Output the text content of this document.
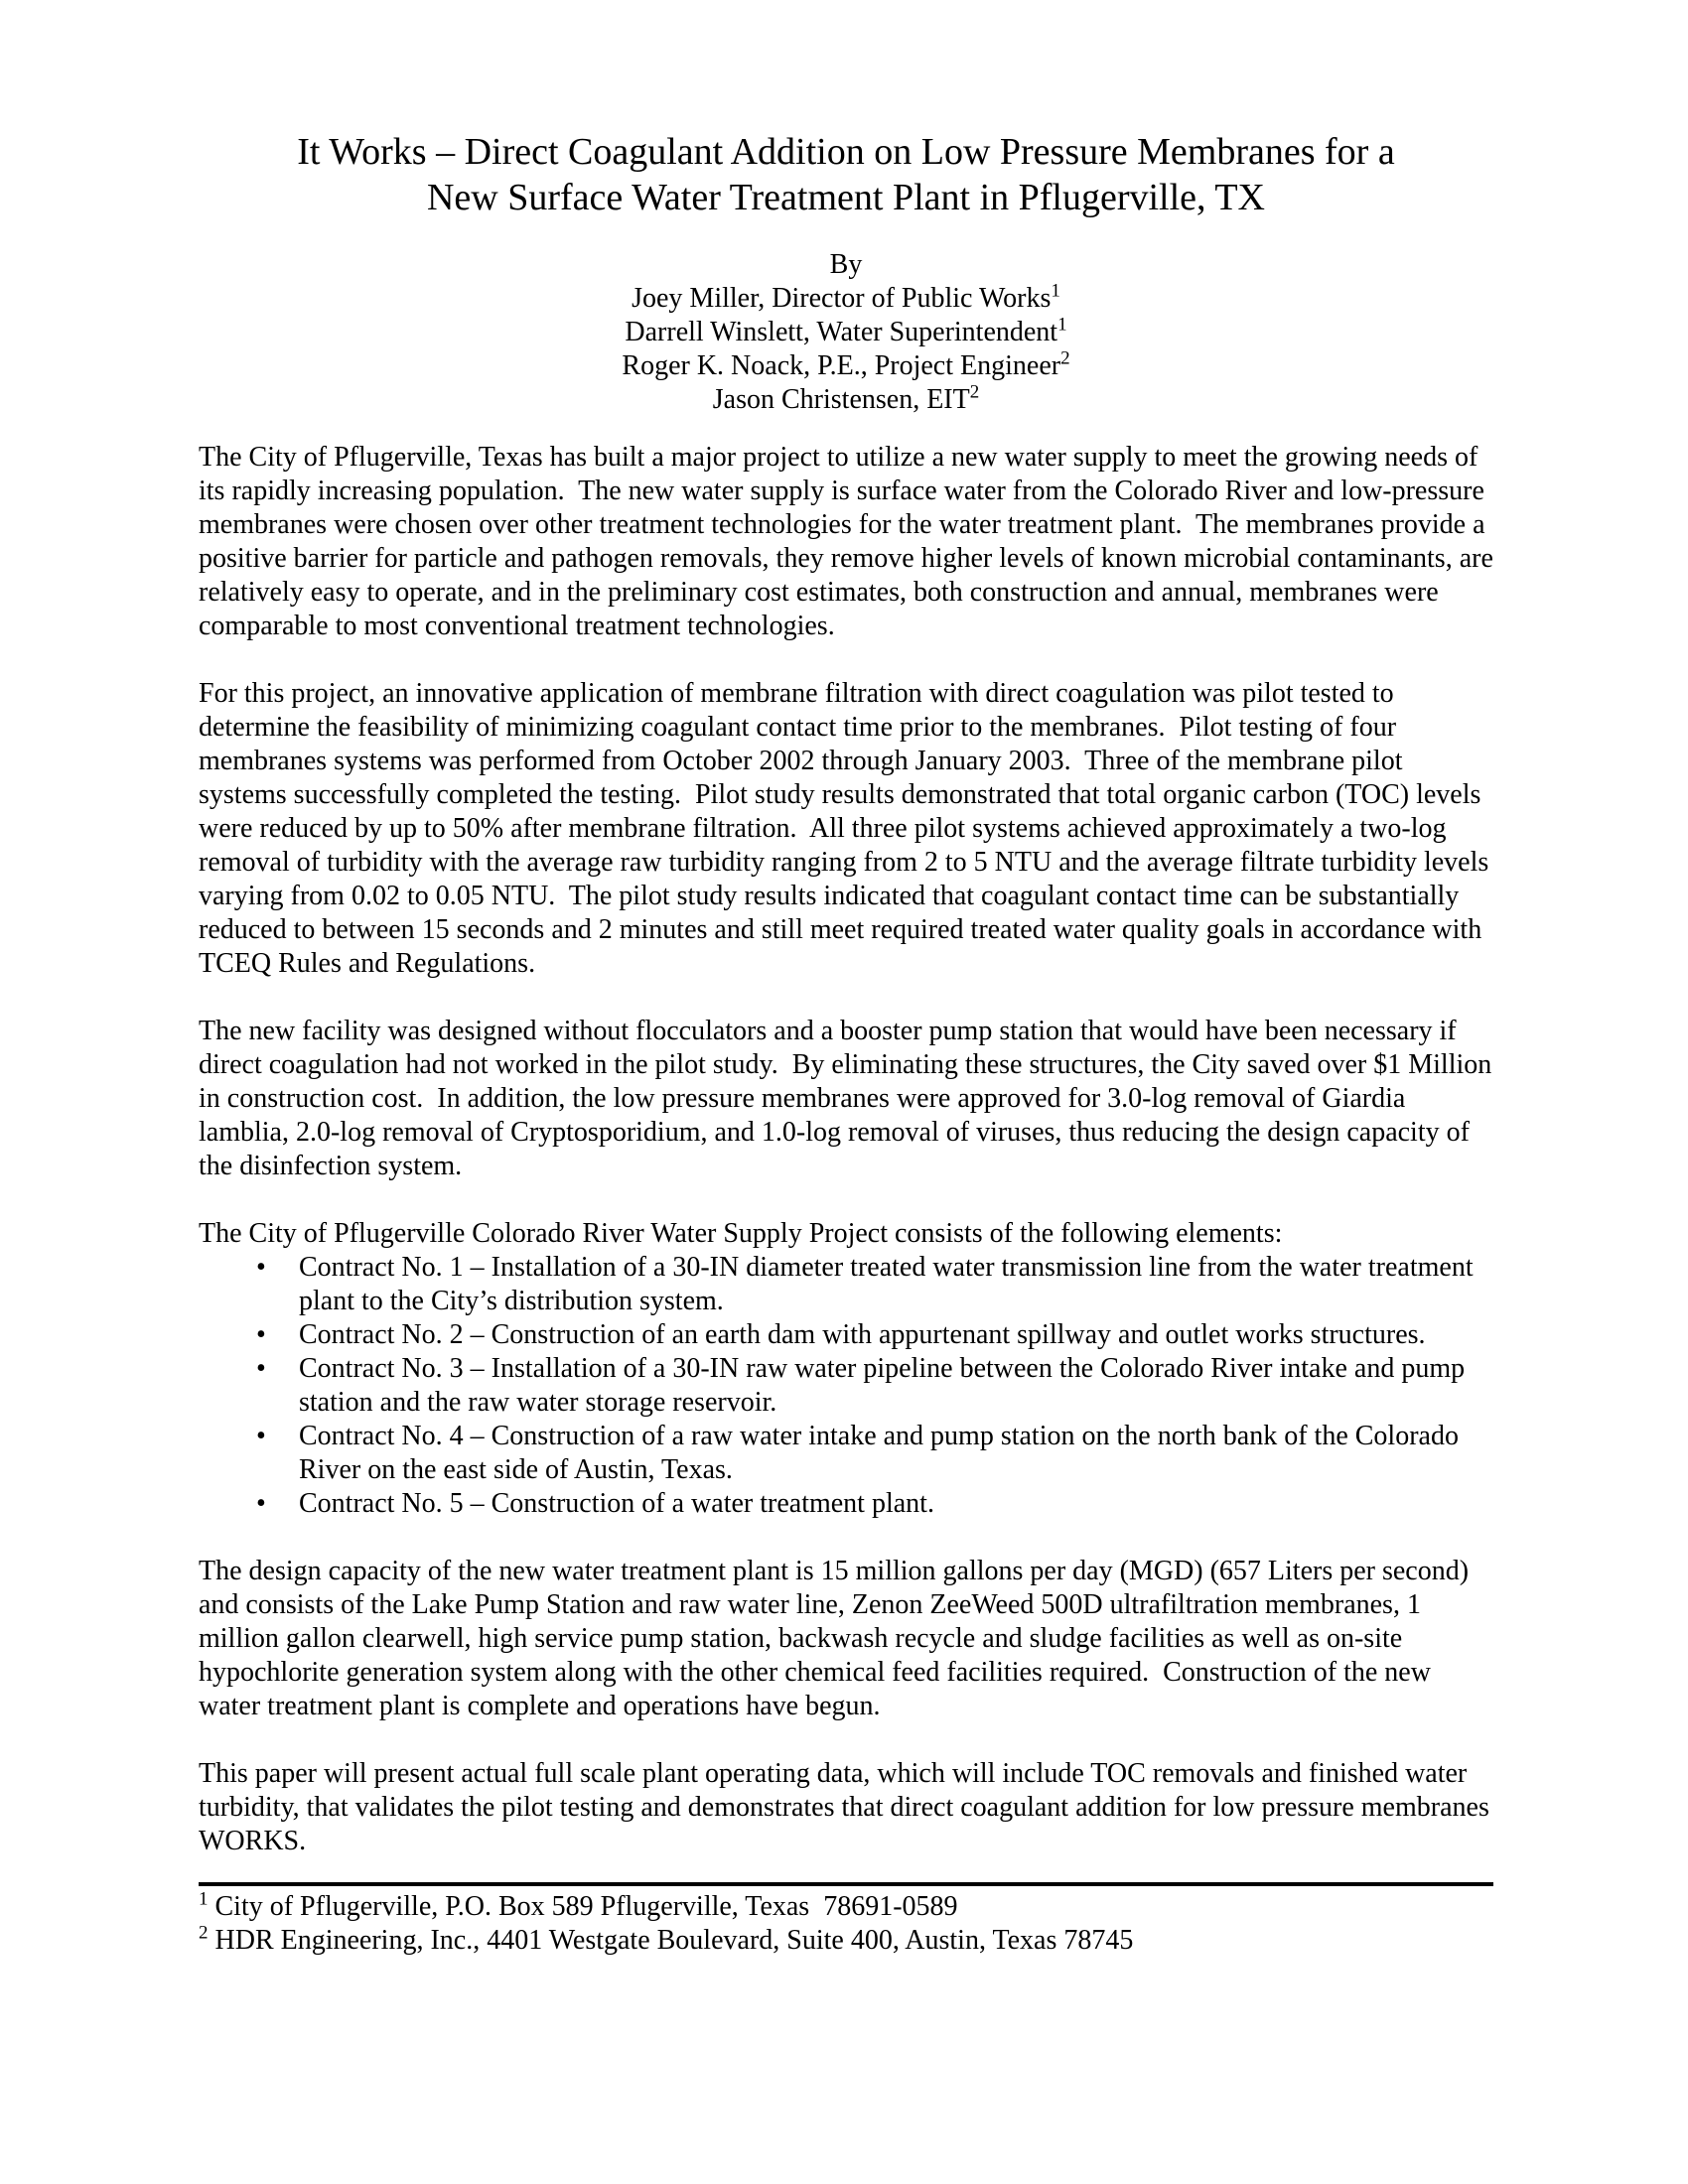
It Works – Direct Coagulant Addition on Low Pressure Membranes for a
New Surface Water Treatment Plant in Pflugerville, TX
By
Joey Miller, Director of Public Works$^1$
Darrell Winslett, Water Superintendent$^1$
Roger K. Noack, P.E., Project Engineer$^2$
Jason Christensen, EIT$^2$

The City of Pflugerville, Texas has built a major project to utilize a new water supply to meet the growing needs of its rapidly increasing population.  The new water supply is surface water from the Colorado River and low-pressure membranes were chosen over other treatment technologies for the water treatment plant.  The membranes provide a positive barrier for particle and pathogen removals, they remove higher levels of known microbial contaminants, are relatively easy to operate, and in the preliminary cost estimates, both construction and annual, membranes were comparable to most conventional treatment technologies.

For this project, an innovative application of membrane filtration with direct coagulation was pilot tested to determine the feasibility of minimizing coagulant contact time prior to the membranes.  Pilot testing of four membranes systems was performed from October 2002 through January 2003.  Three of the membrane pilot systems successfully completed the testing.  Pilot study results demonstrated that total organic carbon (TOC) levels were reduced by up to 50% after membrane filtration.  All three pilot systems achieved approximately a two-log removal of turbidity with the average raw turbidity ranging from 2 to 5 NTU and the average filtrate turbidity levels varying from 0.02 to 0.05 NTU.  The pilot study results indicated that coagulant contact time can be substantially reduced to between 15 seconds and 2 minutes and still meet required treated water quality goals in accordance with TCEQ Rules and Regulations.

The new facility was designed without flocculators and a booster pump station that would have been necessary if direct coagulation had not worked in the pilot study.  By eliminating these structures, the City saved over $1 Million in construction cost.  In addition, the low pressure membranes were approved for 3.0-log removal of Giardia lamblia, 2.0-log removal of Cryptosporidium, and 1.0-log removal of viruses, thus reducing the design capacity of the disinfection system.

The City of Pflugerville Colorado River Water Supply Project consists of the following elements:

• Contract No. 1 – Installation of a 30-IN diameter treated water transmission line from the water treatment plant to the City’s distribution system.
• Contract No. 2 – Construction of an earth dam with appurtenant spillway and outlet works structures.
• Contract No. 3 – Installation of a 30-IN raw water pipeline between the Colorado River intake and pump station and the raw water storage reservoir.
• Contract No. 4 – Construction of a raw water intake and pump station on the north bank of the Colorado River on the east side of Austin, Texas.
• Contract No. 5 – Construction of a water treatment plant.

The design capacity of the new water treatment plant is 15 million gallons per day (MGD) (657 Liters per second) and consists of the Lake Pump Station and raw water line, Zenon ZeeWeed 500D ultrafiltration membranes, 1 million gallon clearwell, high service pump station, backwash recycle and sludge facilities as well as on-site hypochlorite generation system along with the other chemical feed facilities required.  Construction of the new water treatment plant is complete and operations have begun.

This paper will present actual full scale plant operating data, which will include TOC removals and finished water turbidity, that validates the pilot testing and demonstrates that direct coagulant addition for low pressure membranes WORKS.

$^1$ City of Pflugerville, P.O. Box 589 Pflugerville, Texas  78691-0589
$^2$ HDR Engineering, Inc., 4401 Westgate Boulevard, Suite 400, Austin, Texas 78745
